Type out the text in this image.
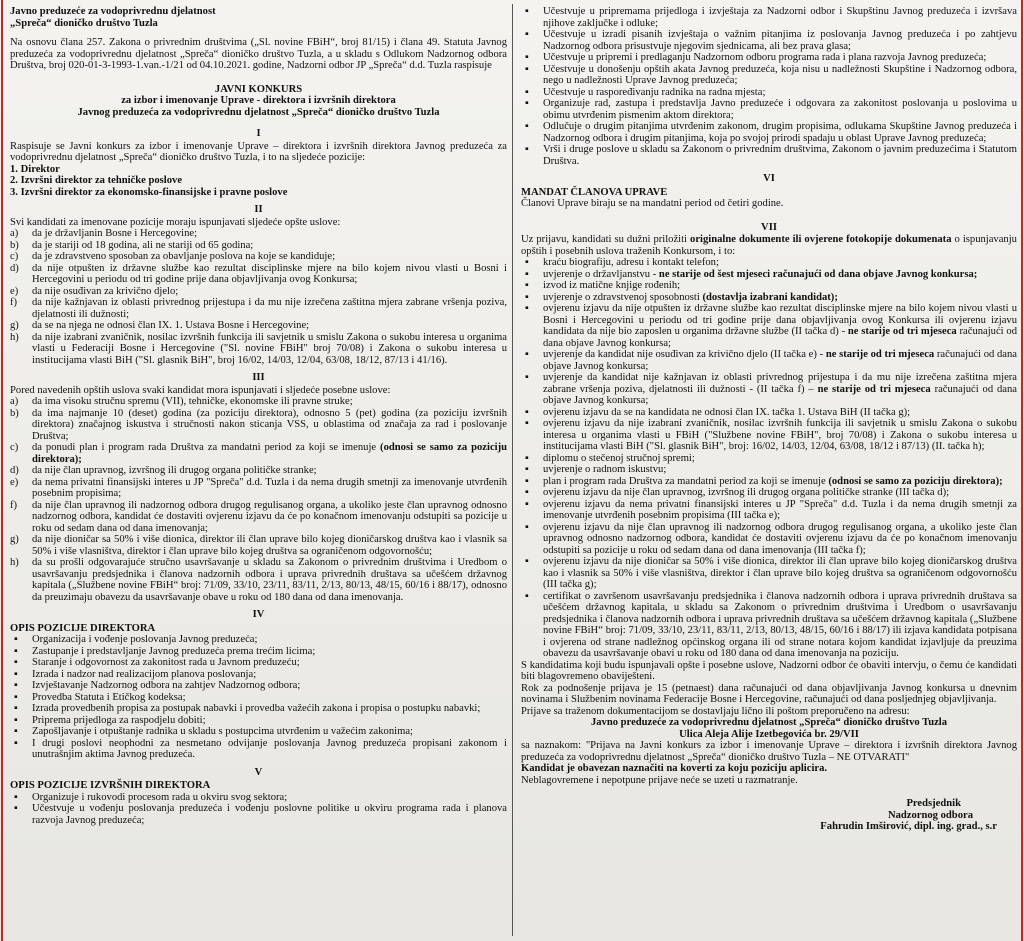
Javno preduzeće za vodoprivrednu djelatnost

„Spreča“ dioničko društvo Tuzla

Na osnovu člana 257. Zakona o privrednim društvima („Sl. novine FBiH“, broj 81/15) i člana 49. Statuta Javnog preduzeća za vodoprivrednu djelatnost „Spreča“ dioničko društvo Tuzla, a u skladu s Odlukom Nadzornog odbora Društva, broj 020-01-3-1993-1.van.-1/21 od 04.10.2021. godine, Nadzorni odbor JP „Spreča“ d.d. Tuzla raspisuje

JAVNI KONKURS

za izbor i imenovanje Uprave - direktora i izvršnih direktora

Javnog preduzeća za vodoprivrednu djelatnost „Spreča“ dioničko društvo Tuzla

I

Raspisuje se Javni konkurs za izbor i imenovanje Uprave – direktora i izvršnih direktora Javnog preduzeća za vodoprivrednu djelatnost „Spreča“ dioničko društvo Tuzla, i to na sljedeće pozicije:

1. Direktor

2. Izvršni direktor za tehničke poslove

3. Izvršni direktor za ekonomsko-finansijske i pravne poslove

II

Svi kandidati za imenovane pozicije moraju ispunjavati sljedeće opšte uslove:

a)	da je državljanin Bosne i Hercegovine;
b)	da je stariji od 18 godina, ali ne stariji od 65 godina;
c)	da je zdravstveno sposoban za obavljanje poslova na koje se kandiduje;
d)	da nije otpušten iz državne službe kao rezultat disciplinske mjere na bilo kojem nivou vlasti u Bosni i Hercegovini u periodu od tri godine prije dana objavljivanja ovog Konkursa;
e)	da nije osuđivan za krivično djelo;
f)	da nije kažnjavan iz oblasti privrednog prijestupa i da mu nije izrečena zaštitna mjera zabrane vršenja poziva, djelatnosti ili dužnosti;
g)	da se na njega ne odnosi član IX. 1. Ustava Bosne i Hercegovine;
h)	da nije izabrani zvaničnik, nosilac izvršnih funkcija ili savjetnik u smislu Zakona o sukobu interesa u organima vlasti u Federaciji Bosne i Hercegovine ("Sl. novine FBiH" broj 70/08) i Zakona o sukobu interesa u institucijama vlasti BiH ("Sl. glasnik BiH", broj 16/02, 14/03, 12/04, 63/08, 18/12, 87/13 i 41/16).

III

Pored navedenih opštih uslova svaki kandidat mora ispunjavati i sljedeće posebne uslove:

a)	da ima visoku stručnu spremu (VII), tehničke, ekonomske ili pravne struke;
b)	da ima najmanje 10 (deset) godina (za poziciju direktora), odnosno 5 (pet) godina (za poziciju izvršnih direktora) značajnog iskustva i stručnosti nakon sticanja VSS, u oblastima od značaja za rad i poslovanje Društva;
c)	da ponudi plan i program rada Društva za mandatni period za koji se imenuje (odnosi se samo za poziciju direktora);
d)	da nije član upravnog, izvršnog ili drugog organa političke stranke;
e)	da nema privatni finansijski interes u JP "Spreča" d.d. Tuzla i da nema drugih smetnji za imenovanje utvrđenih posebnim propisima;
f)	da nije član upravnog ili nadzornog odbora drugog regulisanog organa, a ukoliko jeste član upravnog odnosno nadzornog odbora, kandidat će dostaviti ovjerenu izjavu da će po konačnom imenovanju odstupiti sa pozicije u roku od sedam dana od dana imenovanja;
g)	da nije dioničar sa 50% i više dionica, direktor ili član uprave bilo kojeg dioničarskog društva kao i vlasnik sa 50% i više vlasništva, direktor i član uprave bilo kojeg društva sa ograničenom odgovornošću;
h)	da su prošli odgovarajuće stručno usavršavanje u skladu sa Zakonom o privrednim društvima i Uredbom o usavršavanju predsjednika i članova nadzornih odbora i uprava privrednih društava sa učešćem državnog kapitala („Službene novine FBiH“ broj: 71/09, 33/10, 23/11, 83/11, 2/13, 80/13, 48/15, 60/16 i 88/17), odnosno da preuzimaju obavezu da usavršavanje obave u roku od 180 dana od dana imenovanja.

IV

OPIS POZICIJE DIREKTORA

▪	Organizacija i vođenje poslovanja Javnog preduzeća;
▪	Zastupanje i predstavljanje Javnog preduzeća prema trećim licima;
▪	Staranje i odgovornost za zakonitost rada u Javnom preduzeću;
▪	Izrada i nadzor nad realizacijom planova poslovanja;
▪	Izvještavanje Nadzornog odbora na zahtjev Nadzornog odbora;
▪	Provedba Statuta i Etičkog kodeksa;
▪	Izrada provedbenih propisa za postupak nabavki i provedba važećih zakona i propisa o postupku nabavki;
▪	Priprema prijedloga za raspodjelu dobiti;
▪	Zapošljavanje i otpuštanje radnika u skladu s postupcima utvrđenim u važećim zakonima;
▪	I drugi poslovi neophodni za nesmetano odvijanje poslovanja Javnog preduzeća propisani zakonom i unutrašnjim aktima Javnog preduzeća.

V

OPIS POZICIJE IZVRŠNIH DIREKTORA

▪	Organizuje i rukovodi procesom rada u okviru svog sektora;
▪	Učestvuje u vođenju poslovanja preduzeća i vođenju poslovne politike u okviru programa rada i planova razvoja Javnog preduzeća;
▪	Učestvuje u pripremama prijedloga i izvještaja za Nadzorni odbor i Skupštinu Javnog preduzeća i izvršava njihove zaključke i odluke;
▪	Učestvuje u izradi pisanih izvještaja o važnim pitanjima iz poslovanja Javnog preduzeća i po zahtjevu Nadzornog odbora prisustvuje njegovim sjednicama, ali bez prava glasa;
▪	Učestvuje u pripremi i predlaganju Nadzornom odboru programa rada i plana razvoja Javnog preduzeća;
▪	Učestvuje u donošenju opštih akata Javnog preduzeća, koja nisu u nadležnosti Skupštine i Nadzornog odbora, nego u nadležnosti Uprave Javnog preduzeća;
▪	Učestvuje u raspoređivanju radnika na radna mjesta;
▪	Organizuje rad, zastupa i predstavlja Javno preduzeće i odgovara za zakonitost poslovanja u poslovima u obimu utvrđenim pismenim aktom direktora;
▪	Odlučuje o drugim pitanjima utvrđenim zakonom, drugim propisima, odlukama Skupštine Javnog preduzeća i Nadzornog odbora i drugim pitanjima, koja po svojoj prirodi spadaju u oblast Uprave Javnog preduzeća;
▪	Vrši i druge poslove u skladu sa Zakonom o privrednim društvima, Zakonom o javnim preduzećima i Statutom Društva.

VI

MANDAT ČLANOVA UPRAVE

Članovi Uprave biraju se na mandatni period od četiri godine.

VII

Uz prijavu, kandidati su dužni priložiti originalne dokumente ili ovjerene fotokopije dokumenata o ispunjavanju opštih i posebnih uslova traženih Konkursom, i to:

▪	kraću biografiju, adresu i kontakt telefon;
▪	uvjerenje o državljanstvu - ne starije od šest mjeseci računajući od dana objave Javnog konkursa;
▪	izvod iz matične knjige rođenih;
▪	uvjerenje o zdravstvenoj sposobnosti (dostavlja izabrani kandidat);
▪	ovjerenu izjavu da nije otpušten iz državne službe kao rezultat disciplinske mjere na bilo kojem nivou vlasti u Bosni i Hercegovini u periodu od tri godine prije dana objavljivanja ovog Konkursa ili ovjerenu izjavu kandidata da nije bio zaposlen u organima državne službe (II tačka d) - ne starije od tri mjeseca računajući od dana objave Javnog konkursa;
▪	uvjerenje da kandidat nije osuđivan za krivično djelo (II tačka e) - ne starije od tri mjeseca računajući od dana objave Javnog konkursa;
▪	uvjerenje da kandidat nije kažnjavan iz oblasti privrednog prijestupa i da mu nije izrečena zaštitna mjera zabrane vršenja poziva, djelatnosti ili dužnosti - (II tačka f) – ne starije od tri mjeseca računajući od dana objave Javnog konkursa;
▪	ovjerenu izjavu da se na kandidata ne odnosi član IX. tačka 1. Ustava BiH (II tačka g);
▪	ovjerenu izjavu da nije izabrani zvaničnik, nosilac izvršnih funkcija ili savjetnik u smislu Zakona o sukobu interesa u organima vlasti u FBiH ("Službene novine FBiH", broj 70/08) i Zakona o sukobu interesa u institucijama vlasti BiH ("Sl. glasnik BiH", broj: 16/02, 14/03, 12/04, 63/08, 18/12 i 87/13) (II. tačka h);
▪	diplomu o stečenoj stručnoj spremi;
▪	uvjerenje o radnom iskustvu;
▪	plan i program rada Društva za mandatni period za koji se imenuje (odnosi se samo za poziciju direktora);
▪	ovjerenu izjavu da nije član upravnog, izvršnog ili drugog organa političke stranke (III tačka d);
▪	ovjerenu izjavu da nema privatni finansijski interes u JP "Spreča" d.d. Tuzla i da nema drugih smetnji za imenovanje utvrđenih posebnim propisima (III tačka e);
▪	ovjerenu izjavu da nije član upravnog ili nadzornog odbora drugog regulisanog organa, a ukoliko jeste član upravnog odnosno nadzornog odbora, kandidat će dostaviti ovjerenu izjavu da će po konačnom imenovanju odstupiti sa pozicije u roku od sedam dana od dana imenovanja (III tačka f);
▪	ovjerenu izjavu da nije dioničar sa 50% i više dionica, direktor ili član uprave bilo kojeg dioničarskog društva kao i vlasnik sa 50% i više vlasništva, direktor i član uprave bilo kojeg društva sa ograničenom odgovornošću (III tačka g);
▪	certifikat o završenom usavršavanju predsjednika i članova nadzornih odbora i uprava privrednih društava sa učešćem državnog kapitala, u skladu sa Zakonom o privrednim društvima i Uredbom o usavršavanju predsjednika i članova nadzornih odbora i uprava privrednih društava sa učešćem državnog kapitala („Službene novine FBiH“ broj: 71/09, 33/10, 23/11, 83/11, 2/13, 80/13, 48/15, 60/16 i 88/17) ili izjava kandidata potpisana i ovjerena od strane nadležnog općinskog organa ili od strane notara kojom kandidat izjavljuje da preuzima obavezu da usavršavanje obavi u roku od 180 dana od dana imenovanja na poziciju.

S kandidatima koji budu ispunjavali opšte i posebne uslove, Nadzorni odbor će obaviti intervju, o čemu će kandidati biti blagovremeno obaviješteni.

Rok za podnošenje prijava je 15 (petnaest) dana računajući od dana objavljivanja Javnog konkursa u dnevnim novinama i Službenim novinama Federacije Bosne i Hercegovine, računajući od dana posljednjeg objavljivanja.

Prijave sa traženom dokumentacijom se dostavljaju lično ili poštom preporučeno na adresu:

Javno preduzeće za vodoprivrednu djelatnost „Spreča“ dioničko društvo Tuzla

Ulica Aleja Alije Izetbegovića br. 29/VII

sa naznakom: "Prijava na Javni konkurs za izbor i imenovanje Uprave – direktora i izvršnih direktora Javnog preduzeća za vodoprivrednu djelatnost „Spreča“ dioničko društvo Tuzla – NE OTVARATI"

Kandidat je obavezan naznačiti na koverti za koju poziciju aplicira.

Neblagovremene i nepotpune prijave neće se uzeti u razmatranje.

Predsjednik

Nadzornog odbora

Fahrudin Imširović, dipl. ing. grad., s.r
